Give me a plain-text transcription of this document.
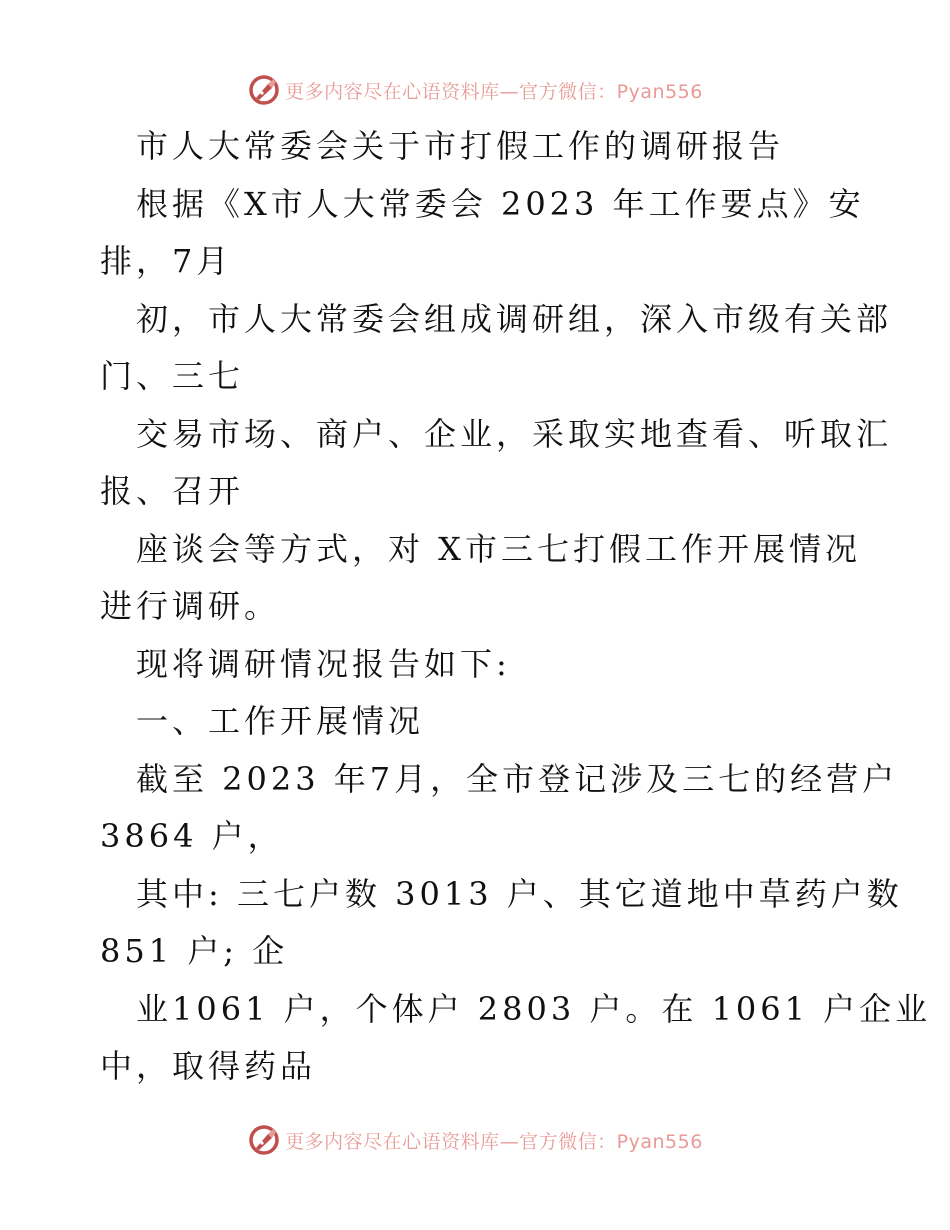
更多内容尽在心语资料库—官方微信：Pyan556
市人大常委会关于市打假工作的调研报告
根据《X市人大常委会 2023 年工作要点》安
排，7月
初，市人大常委会组成调研组，深入市级有关部
门、三七
交易市场、商户、企业，采取实地查看、听取汇
报、召开
座谈会等方式，对 X市三七打假工作开展情况
进行调研。
现将调研情况报告如下:
一、工作开展情况
截至 2023 年7月，全市登记涉及三七的经营户
3864 户，
其中: 三七户数 3013 户、其它道地中草药户数
851 户; 企
业1061 户，个体户 2803 户。在 1061 户企业
中，取得药品
更多内容尽在心语资料库—官方微信：Pyan556
